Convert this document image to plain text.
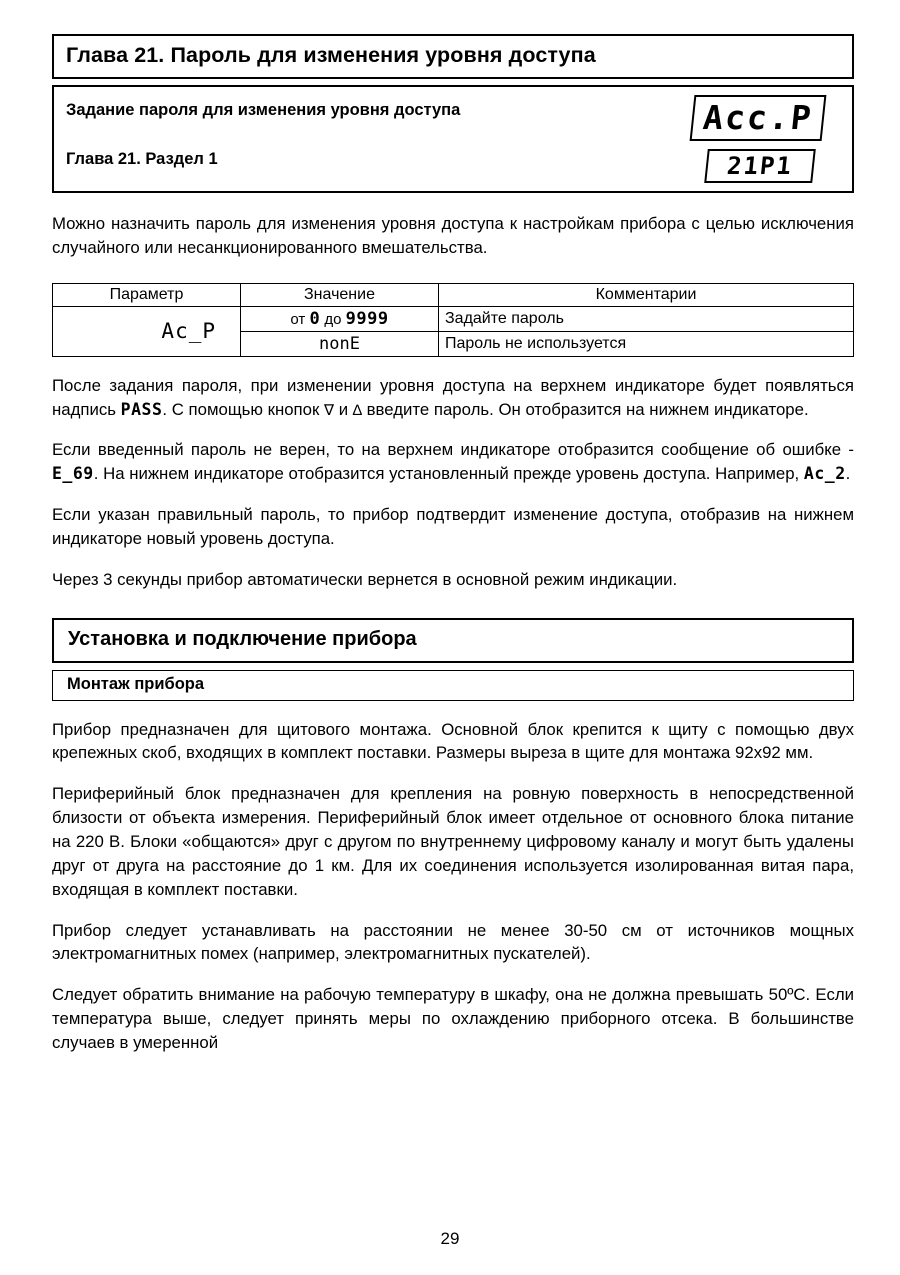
Глава 21. Пароль для изменения уровня доступа
Задание пароля для изменения уровня доступа
Глава 21. Раздел 1
Acc.P
21P1

Можно назначить пароль для изменения уровня доступа к настройкам прибора с целью исключения случайного или несанкционированного вмешательства.

Параметр	Значение	Комментарии
Ac_P	от 0 до 9999	Задайте пароль
	nonE	Пароль не используется

После задания пароля, при изменении уровня доступа на верхнем индикаторе будет появляться надпись PASS. С помощью кнопок ∇ и ∆ введите пароль. Он отобразится на нижнем индикаторе.

Если введенный пароль не верен, то на верхнем индикаторе отобразится сообщение об ошибке - E_69. На нижнем индикаторе отобразится установленный прежде уровень доступа. Например, Ac_2.

Если указан правильный пароль, то прибор подтвердит изменение доступа, отобразив на нижнем индикаторе новый уровень доступа.

Через 3 секунды прибор автоматически вернется в основной режим индикации.

Установка и подключение прибора
Монтаж прибора

Прибор предназначен для щитового монтажа. Основной блок крепится к щиту с помощью двух крепежных скоб, входящих в комплект поставки. Размеры выреза в щите для монтажа 92х92 мм.

Периферийный блок предназначен для крепления на ровную поверхность в непосредственной близости от объекта измерения. Периферийный блок имеет отдельное от основного блока питание на 220 В. Блоки «общаются» друг с другом по внутреннему цифровому каналу и могут быть удалены друг от друга на расстояние до 1 км. Для их соединения используется изолированная витая пара, входящая в комплект поставки.

Прибор следует устанавливать на расстоянии не менее 30-50 см от источников мощных электромагнитных помех (например, электромагнитных пускателей).

Следует обратить внимание на рабочую температуру в шкафу, она не должна превышать 50ºС. Если температура выше, следует принять меры по охлаждению приборного отсека. В большинстве случаев в умеренной

29
